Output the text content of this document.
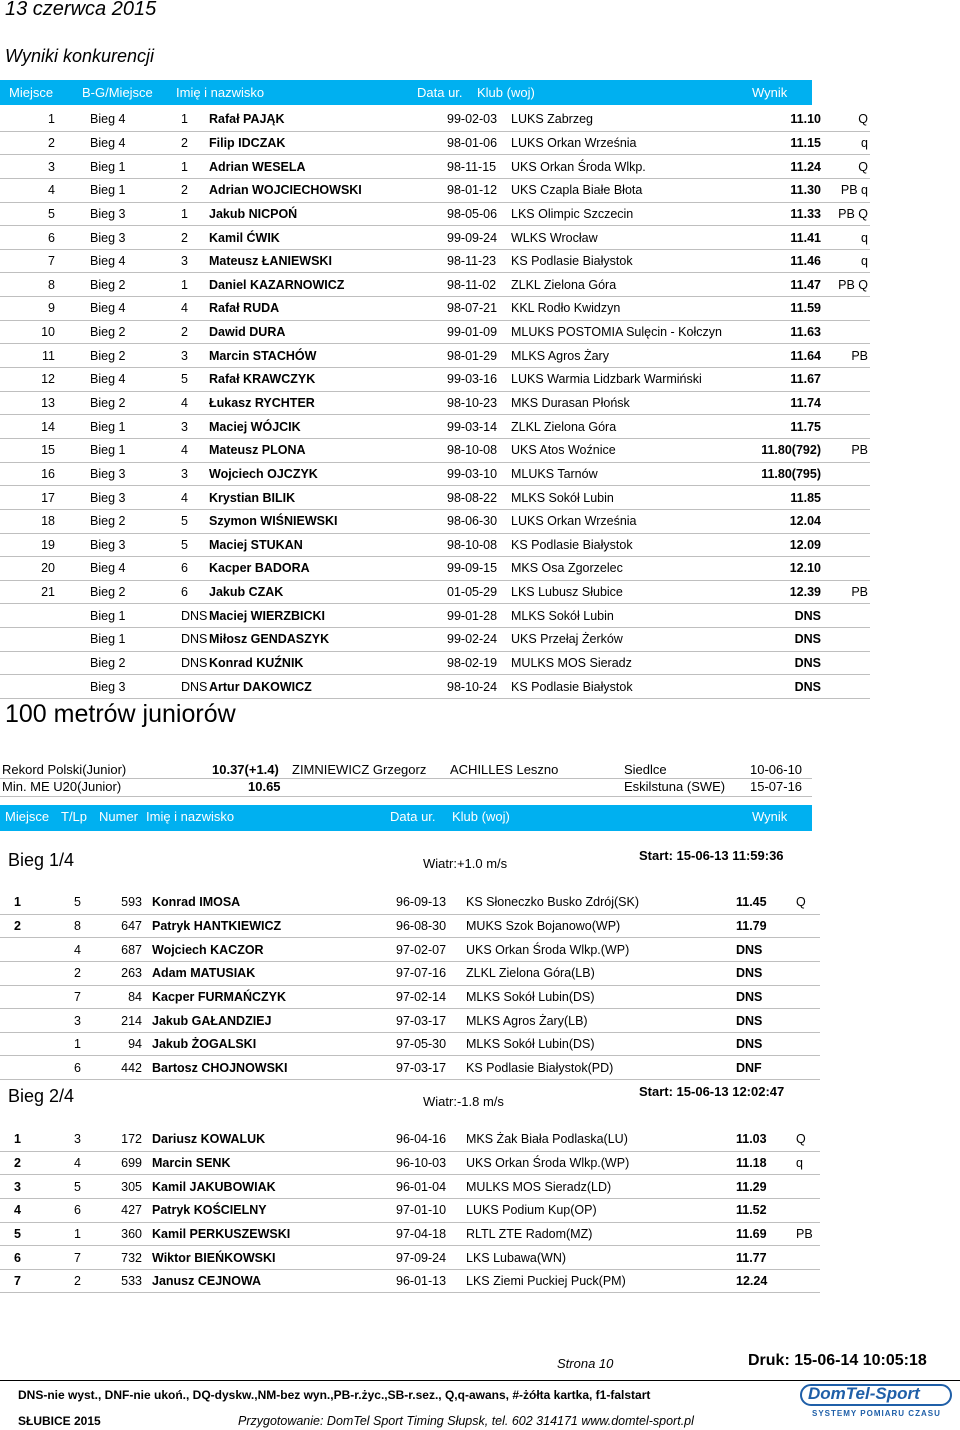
13 czerwca 2015
Wyniki konkurencji
Miejsce B-G/Miejsce Imię i nazwisko	Data ur. Klub (woj)	Wynik
1	Bieg 4	1	Rafał PAJĄK	99-02-03	LUKS Zabrzeg	11.10	Q
2	Bieg 4	2	Filip IDCZAK	98-01-06	LUKS Orkan Września	11.15	q
3	Bieg 1	1	Adrian WESELA	98-11-15	UKS Orkan Środa Wlkp.	11.24	Q
4	Bieg 1	2	Adrian WOJCIECHOWSKI	98-01-12	UKS Czapla Białe Błota	11.30	PB q
5	Bieg 3	1	Jakub NICPOŃ	98-05-06	LKS Olimpic Szczecin	11.33	PB Q
6	Bieg 3	2	Kamil ĆWIK	99-09-24	WLKS Wrocław	11.41	q
7	Bieg 4	3	Mateusz ŁANIEWSKI	98-11-23	KS Podlasie Białystok	11.46	q
8	Bieg 2	1	Daniel KAZARNOWICZ	98-11-02	ZLKL Zielona Góra	11.47	PB Q
9	Bieg 4	4	Rafał RUDA	98-07-21	KKL Rodło Kwidzyn	11.59	
10	Bieg 2	2	Dawid DURA	99-01-09	MLUKS POSTOMIA Sulęcin - Kołczyn	11.63	
11	Bieg 2	3	Marcin STACHÓW	98-01-29	MLKS Agros Żary	11.64	PB
12	Bieg 4	5	Rafał KRAWCZYK	99-03-16	LUKS Warmia Lidzbark Warmiński	11.67	
13	Bieg 2	4	Łukasz RYCHTER	98-10-23	MKS Durasan Płońsk	11.74	
14	Bieg 1	3	Maciej WÓJCIK	99-03-14	ZLKL Zielona Góra	11.75	
15	Bieg 1	4	Mateusz PLONA	98-10-08	UKS Atos Woźnice	11.80(792)	PB
16	Bieg 3	3	Wojciech OJCZYK	99-03-10	MLUKS Tarnów	11.80(795)	
17	Bieg 3	4	Krystian BILIK	98-08-22	MLKS Sokół Lubin	11.85	
18	Bieg 2	5	Szymon WIŚNIEWSKI	98-06-30	LUKS Orkan Września	12.04	
19	Bieg 3	5	Maciej STUKAN	98-10-08	KS Podlasie Białystok	12.09	
20	Bieg 4	6	Kacper BADORA	99-09-15	MKS Osa Zgorzelec	12.10	
21	Bieg 2	6	Jakub CZAK	01-05-29	LKS Lubusz Słubice	12.39	PB
	Bieg 1	DNS	Maciej WIERZBICKI	99-01-28	MLKS Sokół Lubin	DNS	
	Bieg 1	DNS	Miłosz GENDASZYK	99-02-24	UKS Przełaj Żerków	DNS	
	Bieg 2	DNS	Konrad KUŹNIK	98-02-19	MULKS MOS Sieradz	DNS	
	Bieg 3	DNS	Artur DAKOWICZ	98-10-24	KS Podlasie Białystok	DNS	
100 metrów juniorów
Rekord Polski(Junior)	10.37(+1.4) ZIMNIEWICZ Grzegorz ACHILLES Leszno	Siedlce	10-06-10
Min. ME U20(Junior)	10.65	Eskilstuna (SWE) 15-07-16
Miejsce T/Lp Numer Imię i nazwisko	Data ur. Klub (woj)	Wynik
Bieg 1/4	Wiatr:+1.0 m/s
Start: 15-06-13 11:59:36
1	5	593	Konrad IMOSA	96-09-13	KS Słoneczko Busko Zdrój(SK)	11.45	Q
2	8	647	Patryk HANTKIEWICZ	96-08-30	MUKS Szok Bojanowo(WP)	11.79	
	4	687	Wojciech KACZOR	97-02-07	UKS Orkan Środa Wlkp.(WP)	DNS	
	2	263	Adam MATUSIAK	97-07-16	ZLKL Zielona Góra(LB)	DNS	
	7	84	Kacper FURMAŃCZYK	97-02-14	MLKS Sokół Lubin(DS)	DNS	
	3	214	Jakub GAŁANDZIEJ	97-03-17	MLKS Agros Żary(LB)	DNS	
	1	94	Jakub ŻOGALSKI	97-05-30	MLKS Sokół Lubin(DS)	DNS	
	6	442	Bartosz CHOJNOWSKI	97-03-17	KS Podlasie Białystok(PD)	DNF	
Bieg 2/4	Wiatr:-1.8 m/s
Start: 15-06-13 12:02:47
1	3	172	Dariusz KOWALUK	96-04-16	MKS Żak Biała Podlaska(LU)	11.03	Q
2	4	699	Marcin SENK	96-10-03	UKS Orkan Środa Wlkp.(WP)	11.18	q
3	5	305	Kamil JAKUBOWIAK	96-01-04	MULKS MOS Sieradz(LD)	11.29	
4	6	427	Patryk KOŚCIELNY	97-01-10	LUKS Podium Kup(OP)	11.52	
5	1	360	Kamil PERKUSZEWSKI	97-04-18	RLTL ZTE Radom(MZ)	11.69	PB
6	7	732	Wiktor BIEŃKOWSKI	97-09-24	LKS Lubawa(WN)	11.77	
7	2	533	Janusz CEJNOWA	96-01-13	LKS Ziemi Puckiej Puck(PM)	12.24	
Strona 10	Druk: 15-06-14 10:05:18
DNS-nie wyst., DNF-nie ukoń., DQ-dyskw.,NM-bez wyn.,PB-r.życ.,SB-r.sez., Q,q-awans, #-żółta kartka, f1-falstart
SŁUBICE 2015	Przygotowanie: DomTel Sport Timing Słupsk, tel. 602 314171 www.domtel-sport.pl
DomTel-Sport
SYSTEMY POMIARU CZASU
